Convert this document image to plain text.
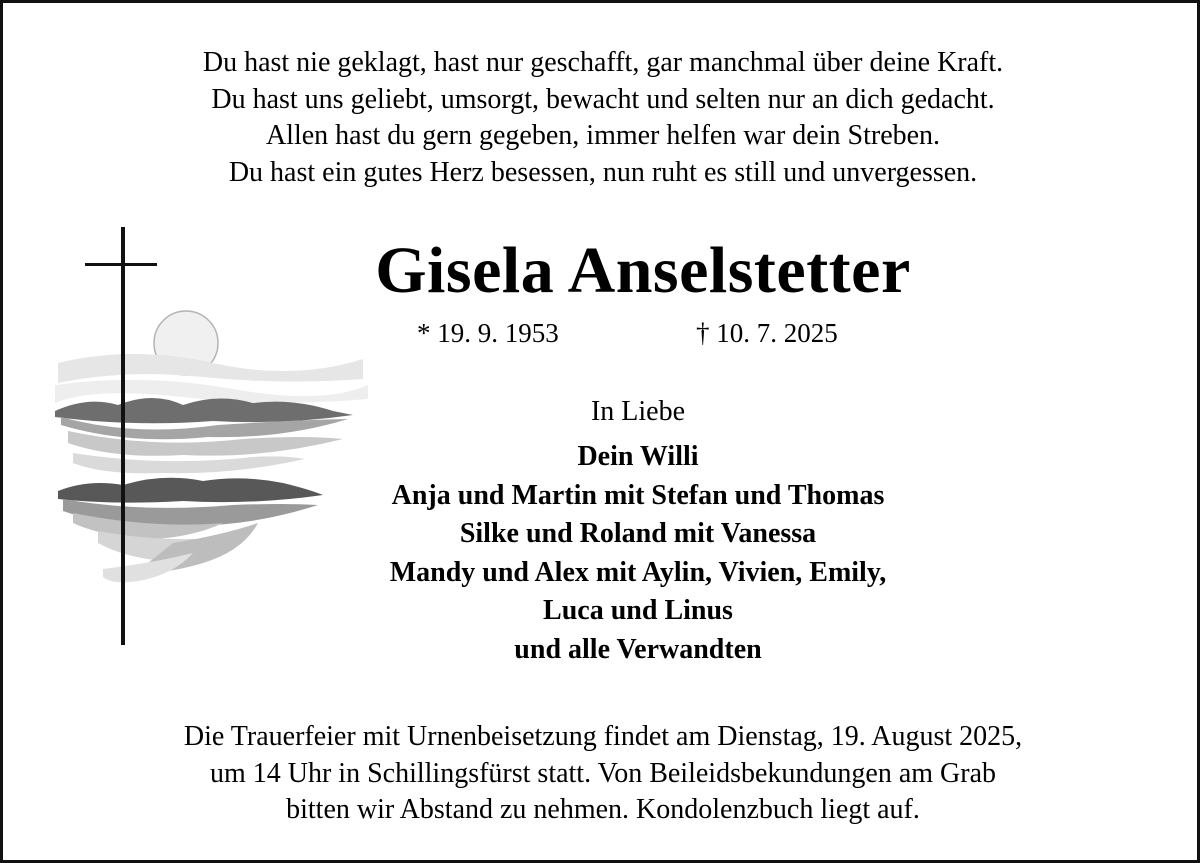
Du hast nie geklagt, hast nur geschafft, gar manchmal über deine Kraft.
Du hast uns geliebt, umsorgt, bewacht und selten nur an dich gedacht.
Allen hast du gern gegeben, immer helfen war dein Streben.
Du hast ein gutes Herz besessen, nun ruht es still und unvergessen.
Gisela Anselstetter
* 19. 9. 1953	† 10. 7. 2025
In Liebe
Dein Willi
Anja und Martin mit Stefan und Thomas
Silke und Roland mit Vanessa
Mandy und Alex mit Aylin, Vivien, Emily,
Luca und Linus
und alle Verwandten
Die Trauerfeier mit Urnenbeisetzung findet am Dienstag, 19. August 2025,
um 14 Uhr in Schillingsfürst statt. Von Beileidsbekundungen am Grab
bitten wir Abstand zu nehmen. Kondolenzbuch liegt auf.
